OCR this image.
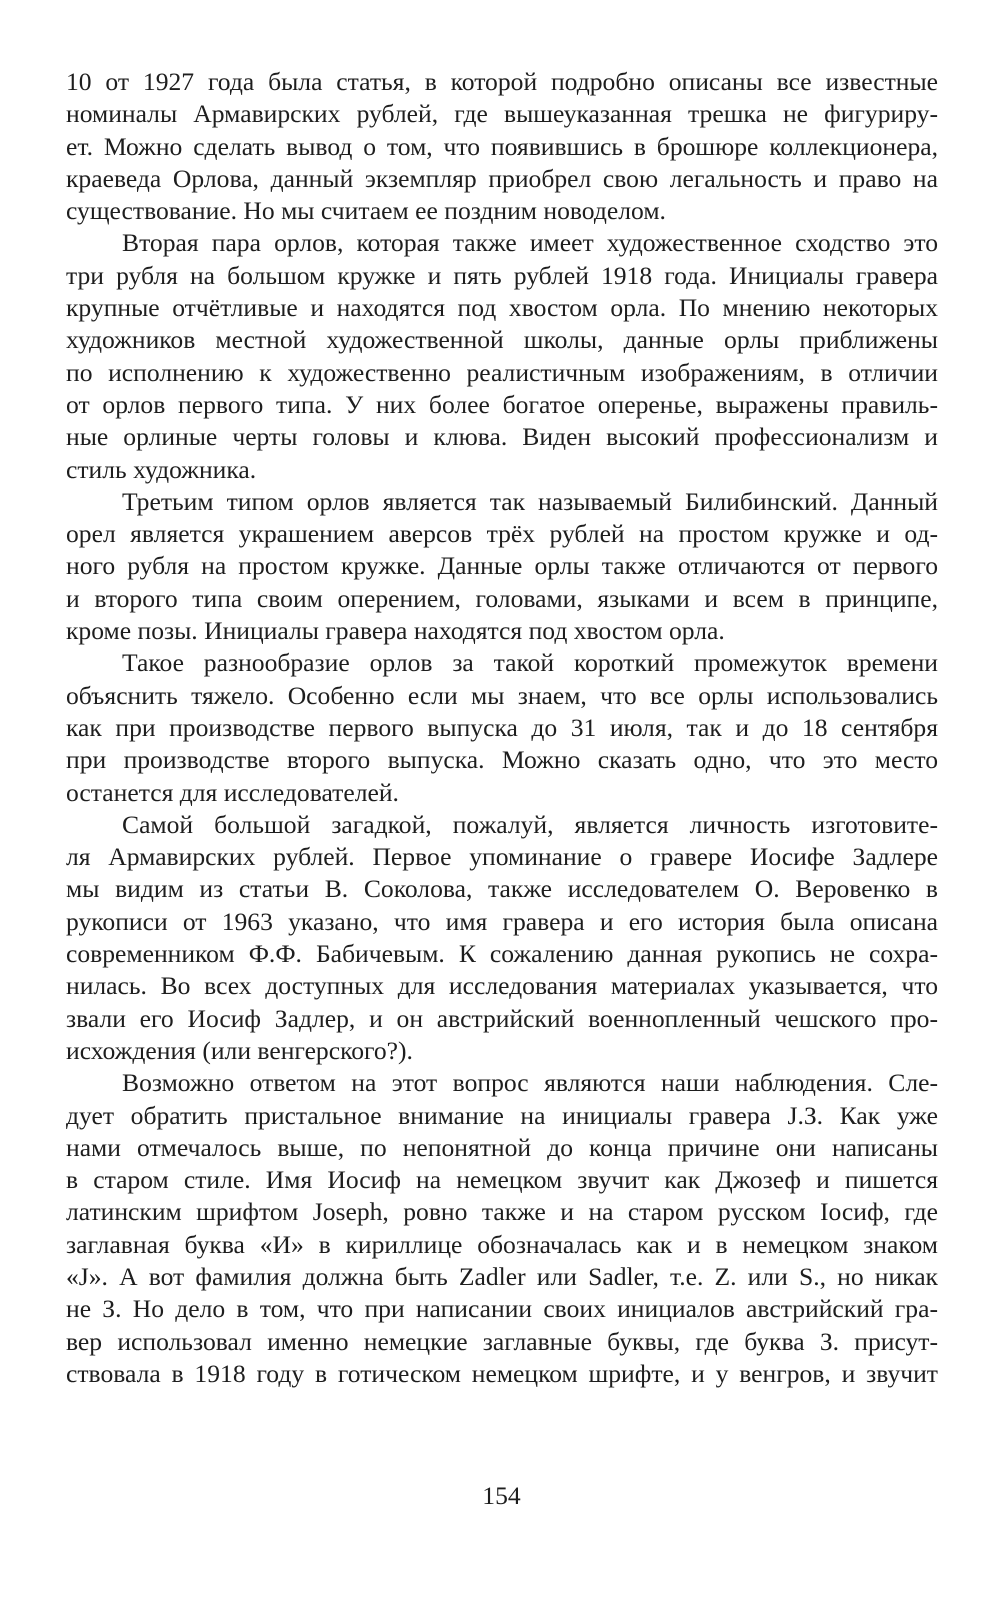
10 от 1927 года была статья, в которой подробно описаны все известные
номиналы Армавирских рублей, где вышеуказанная трешка не фигуриру-
ет. Можно сделать вывод о том, что появившись в брошюре коллекционера,
краеведа Орлова, данный экземпляр приобрел свою легальность и право на
существование. Но мы считаем ее поздним новоделом.
Вторая пара орлов, которая также имеет художественное сходство это
три рубля на большом кружке и пять рублей 1918 года. Инициалы гравера
крупные отчётливые и находятся под хвостом орла. По мнению некоторых
художников местной художественной школы, данные орлы приближены
по исполнению к художественно реалистичным изображениям, в отличии
от орлов первого типа. У них более богатое оперенье, выражены правиль-
ные орлиные черты головы и клюва. Виден высокий профессионализм и
стиль художника.
Третьим типом орлов является так называемый Билибинский. Данный
орел является украшением аверсов трёх рублей на простом кружке и од-
ного рубля на простом кружке. Данные орлы также отличаются от первого
и второго типа своим оперением, головами, языками и всем в принципе,
кроме позы. Инициалы гравера находятся под хвостом орла.
Такое разнообразие орлов за такой короткий промежуток времени
объяснить тяжело. Особенно если мы знаем, что все орлы использовались
как при производстве первого выпуска до 31 июля, так и до 18 сентября
при производстве второго выпуска. Можно сказать одно, что это место
останется для исследователей.
Самой большой загадкой, пожалуй, является личность изготовите-
ля Армавирских рублей. Первое упоминание о гравере Иосифе Задлере
мы видим из статьи В. Соколова, также исследователем О. Веровенко в
рукописи от 1963 указано, что имя гравера и его история была описана
современником Ф.Ф. Бабичевым. К сожалению данная рукопись не сохра-
нилась. Во всех доступных для исследования материалах указывается, что
звали его Иосиф Задлер, и он австрийский военнопленный чешского про-
исхождения (или венгерского?).
Возможно ответом на этот вопрос являются наши наблюдения. Сле-
дует обратить пристальное внимание на инициалы гравера J.З. Как уже
нами отмечалось выше, по непонятной до конца причине они написаны
в старом стиле. Имя Иосиф на немецком звучит как Джозеф и пишется
латинским шрифтом Joseph, ровно также и на старом русском Iосиф, где
заглавная буква «И» в кириллице обозначалась как и в немецком знаком
«J». А вот фамилия должна быть Zadler или Sadler, т.е. Z. или S., но никак
не З. Но дело в том, что при написании своих инициалов австрийский гра-
вер использовал именно немецкие заглавные буквы, где буква З. присут-
ствовала в 1918 году в готическом немецком шрифте, и у венгров, и звучит
154
